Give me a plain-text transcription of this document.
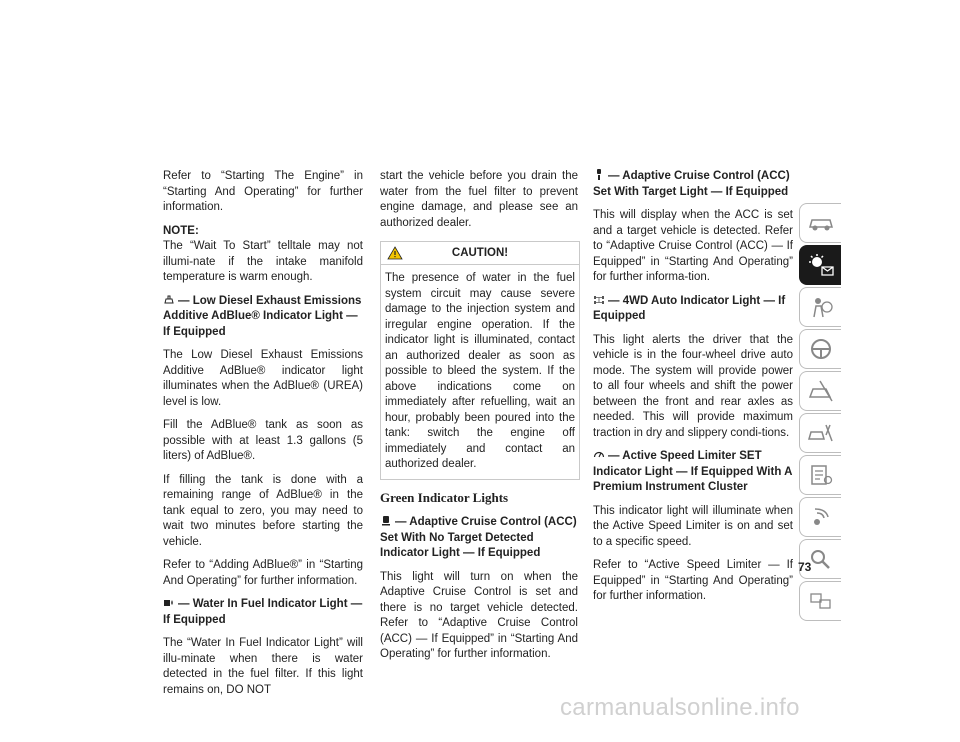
Refer to “Starting The Engine” in “Starting And Operating” for further information.

NOTE:

The “Wait To Start” telltale may not illumi-nate if the intake manifold temperature is warm enough.

— Low Diesel Exhaust Emissions Additive AdBlue® Indicator Light — If Equipped

The Low Diesel Exhaust Emissions Additive AdBlue® indicator light illuminates when the AdBlue® (UREA) level is low.

Fill the AdBlue® tank as soon as possible with at least 1.3 gallons (5 liters) of AdBlue®.

If filling the tank is done with a remaining range of AdBlue® in the tank equal to zero, you may need to wait two minutes before starting the vehicle.

Refer to “Adding AdBlue®” in “Starting And Operating” for further information.

— Water In Fuel Indicator Light — If Equipped

The “Water In Fuel Indicator Light” will illu-minate when there is water detected in the fuel filter. If this light remains on, DO NOT

start the vehicle before you drain the water from the fuel filter to prevent engine damage, and please see an authorized dealer.

CAUTION!
The presence of water in the fuel system circuit may cause severe damage to the injection system and irregular engine operation. If the indicator light is illuminated, contact an authorized dealer as soon as possible to bleed the system. If the above indications come on immediately after refuelling, wait an hour, probably been poured into the tank: switch the engine off immediately and contact an authorized dealer.
Green Indicator Lights
— Adaptive Cruise Control (ACC) Set With No Target Detected Indicator Light — If Equipped

This light will turn on when the Adaptive Cruise Control is set and there is no target vehicle detected. Refer to “Adaptive Cruise Control (ACC) — If Equipped” in “Starting And Operating” for further information.

— Adaptive Cruise Control (ACC) Set With Target Light — If Equipped

This will display when the ACC is set and a target vehicle is detected. Refer to “Adaptive Cruise Control (ACC) — If Equipped” in “Starting And Operating” for further informa-tion.

— 4WD Auto Indicator Light — If Equipped

This light alerts the driver that the vehicle is in the four-wheel drive auto mode. The system will provide power to all four wheels and shift the power between the front and rear axles as needed. This will provide maximum traction in dry and slippery condi-tions.

— Active Speed Limiter SET Indicator Light — If Equipped With A Premium Instrument Cluster

This indicator light will illuminate when the Active Speed Limiter is on and set to a specific speed.

Refer to “Active Speed Limiter — If Equipped” in “Starting And Operating” for further information.

73
carmanualsonline.info
